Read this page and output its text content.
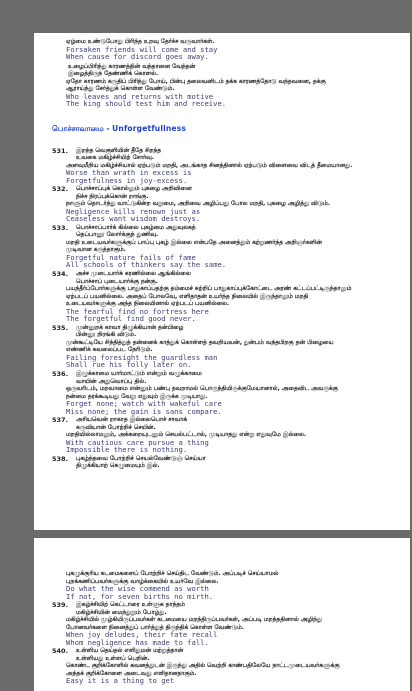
ஏழ்மை உண்டுபோது பிரிந்த உறவு தேர்ச்ச வருவார்கள்.
Forsaken friends will come and stay
When cause for discord goes away.
உழைப்பிரிந்து காரணத்தின் வந்தானை வேந்தன்
இழைத்திருந் தேண்ணிக் கொளல்.
ஏதோ காரணம் கருதிப் பிரிந்து போய், பின்பு தலைவனிடம் தக்க காரணத்தோடு வந்தவனை, தக்கு
ஆராய்ந்து சேர்த்துக் கொள்ள வேண்டும்.
Who leaves and returns with motive
The king should test him and receive.
பொச்சாவாமை - Unforgetfullness
531. இறந்த வெகுளியின் தீதே சிறந்த
உவகை மகிழ்ச்சியிற் சோர்வு.
அளவுமீறிய மகிழ்ச்சியால் ஏற்படும் மறதி, அடங்காத சினத்தினால் ஏற்படும் விளைவை விடத் தீமையானது.
Worse than wrath in excess is
Forgetfulness in joy-excess.
532. பொச்சாப்புக் கொல்லும் புகழை அறிவினை
நிச்ச நிரப்புக்கொன் றாங்கு.
நாளும் தொடர்ந்து வாட்டுகின்ற வறுமை, அறிவை அழிப்பது போல மறதி, புகழை அழித்து விடும்.
Negligence kills renown just as
Ceaseless want wisdom destroys.
533. பொச்சாப்பார்க் கில்லை புகழ்மை அதுவுலகத்
தெப்பானூ லோர்க்குந் துணிவு.
மறதி உடையவர்களுக்குப் பாப்பு புகழ் இல்லை என்பதே அனைத்தும் கற்றுணர்ந்த அறிஞர்களின்
முடிவான கருத்தாகும்.
Forgetful nature fails of fame
All schools of thinkers say the same.
534. அச்ச முடையார்க் கரணில்லை ஆங்கில்லை
பொச்சாப் புடையார்க்கு நன்கு.
பயந்தீர்ப்போர்களுக்கு பாதுகாப்பதற்கு தம்மைச் சுற்றிப் பாதுகாப்புக்கோட்டை அரண் கட்டப்பட்டிருந்தாலும்
ஏற்படப் பயனில்லை. அதைப் போலவே, எளிதாதன் உயர்ந்த நிலையில் இருந்தாலும் மறதி
உடையவர்களுக்கு அந்த நிலையினால் ஏற்படப் பயனில்லை.
The fearful find no fortress here
The forgetful find good never.
535. முன்னுறக் காவா திழுக்கியான் தன்பிழை
பின்னூ றிரங்கி விடும்.
முன்கூட்டியே சிந்தித்துத் தன்னைக் காத்துக் கொள்ளத் தவறியவன், துன்பம் வந்தபிறகு தன் பிழையை
எண்ணிக் கவலைப்பட நேரிடும்.
Failing foresight the guardless man
Shall rue his folly later on.
536. இழுக்காமை யார்மாட்டும் என்றும் வழுக்காமை
வாயின் அதுவொப்பு தில்.
ஒருவரிடம், மறவாமை என்னும் பண்பு தவறாமல் பொருந்தியிருக்குமேயானால், அதைவிட அவருக்கு
நன்மை தரக்கூடியது வேறு எதுவும் இருக்க முடியாது.
Forget none; watch with wakeful care
Miss none; the gain is sans compare.
537. அரியவென் றாகாத இல்லைபொச் சாவாக்
கருவியான் போற்றிச் செயின்.
மறதியில்லாமலும், அக்கறையுடனும் செயல்பட்டால், முடியாதது என்று எதுவுமே இல்லை.
With cautious care pursue a thing
Impossible there is nothing.
538. புகழ்ந்தவை போற்றிச் செயல்வேண்டுஞ் செய்யா
திழுக்கியாற் கெழுமையும் இல்.
புகழுக்குரிய கடமைகளைப் போற்றிச் செய்திட வேண்டும். அப்படிச் செய்யாமல்
புறக்கணிப்பவர்களுக்கு வாழ்க்கையில் உயர்வே இல்லை.
Do what the wise commend as worth
If not, for seven births no mirth.
539. இகழ்ச்சியிற் கெட்டாரை உள்ளுக தாந்தம்
மகிழ்ச்சியின் மைந்துறும் போழ்து.
மகிழ்ச்சியில் மூழ்கியிருப்பவர்கள் கடமையை மறந்திருப்பவர்கள், அப்படி மறந்ததினால் அழிந்து
போனவர்களை நினைத்துப் பார்த்துத் திருந்திக் கொள்ள வேண்டும்.
When joy deludes, their fate recall
Whom negligence has made to fall.
540. உள்ளிய தெய்தல் எளிதுமன் மற்றுத்தான்
உள்ளியது உள்ளப் பெறின்.
கொண்ட குறிக்கோளில் கவனத்துடன் இருந்து அதில் வெற்றி காண்பதிலேயே நாட்டமுடையவர்களுக்கு
அந்தக் குறிக்கோளை அடைவது எளிதானதாகும்.
Easy it is a thing to get
